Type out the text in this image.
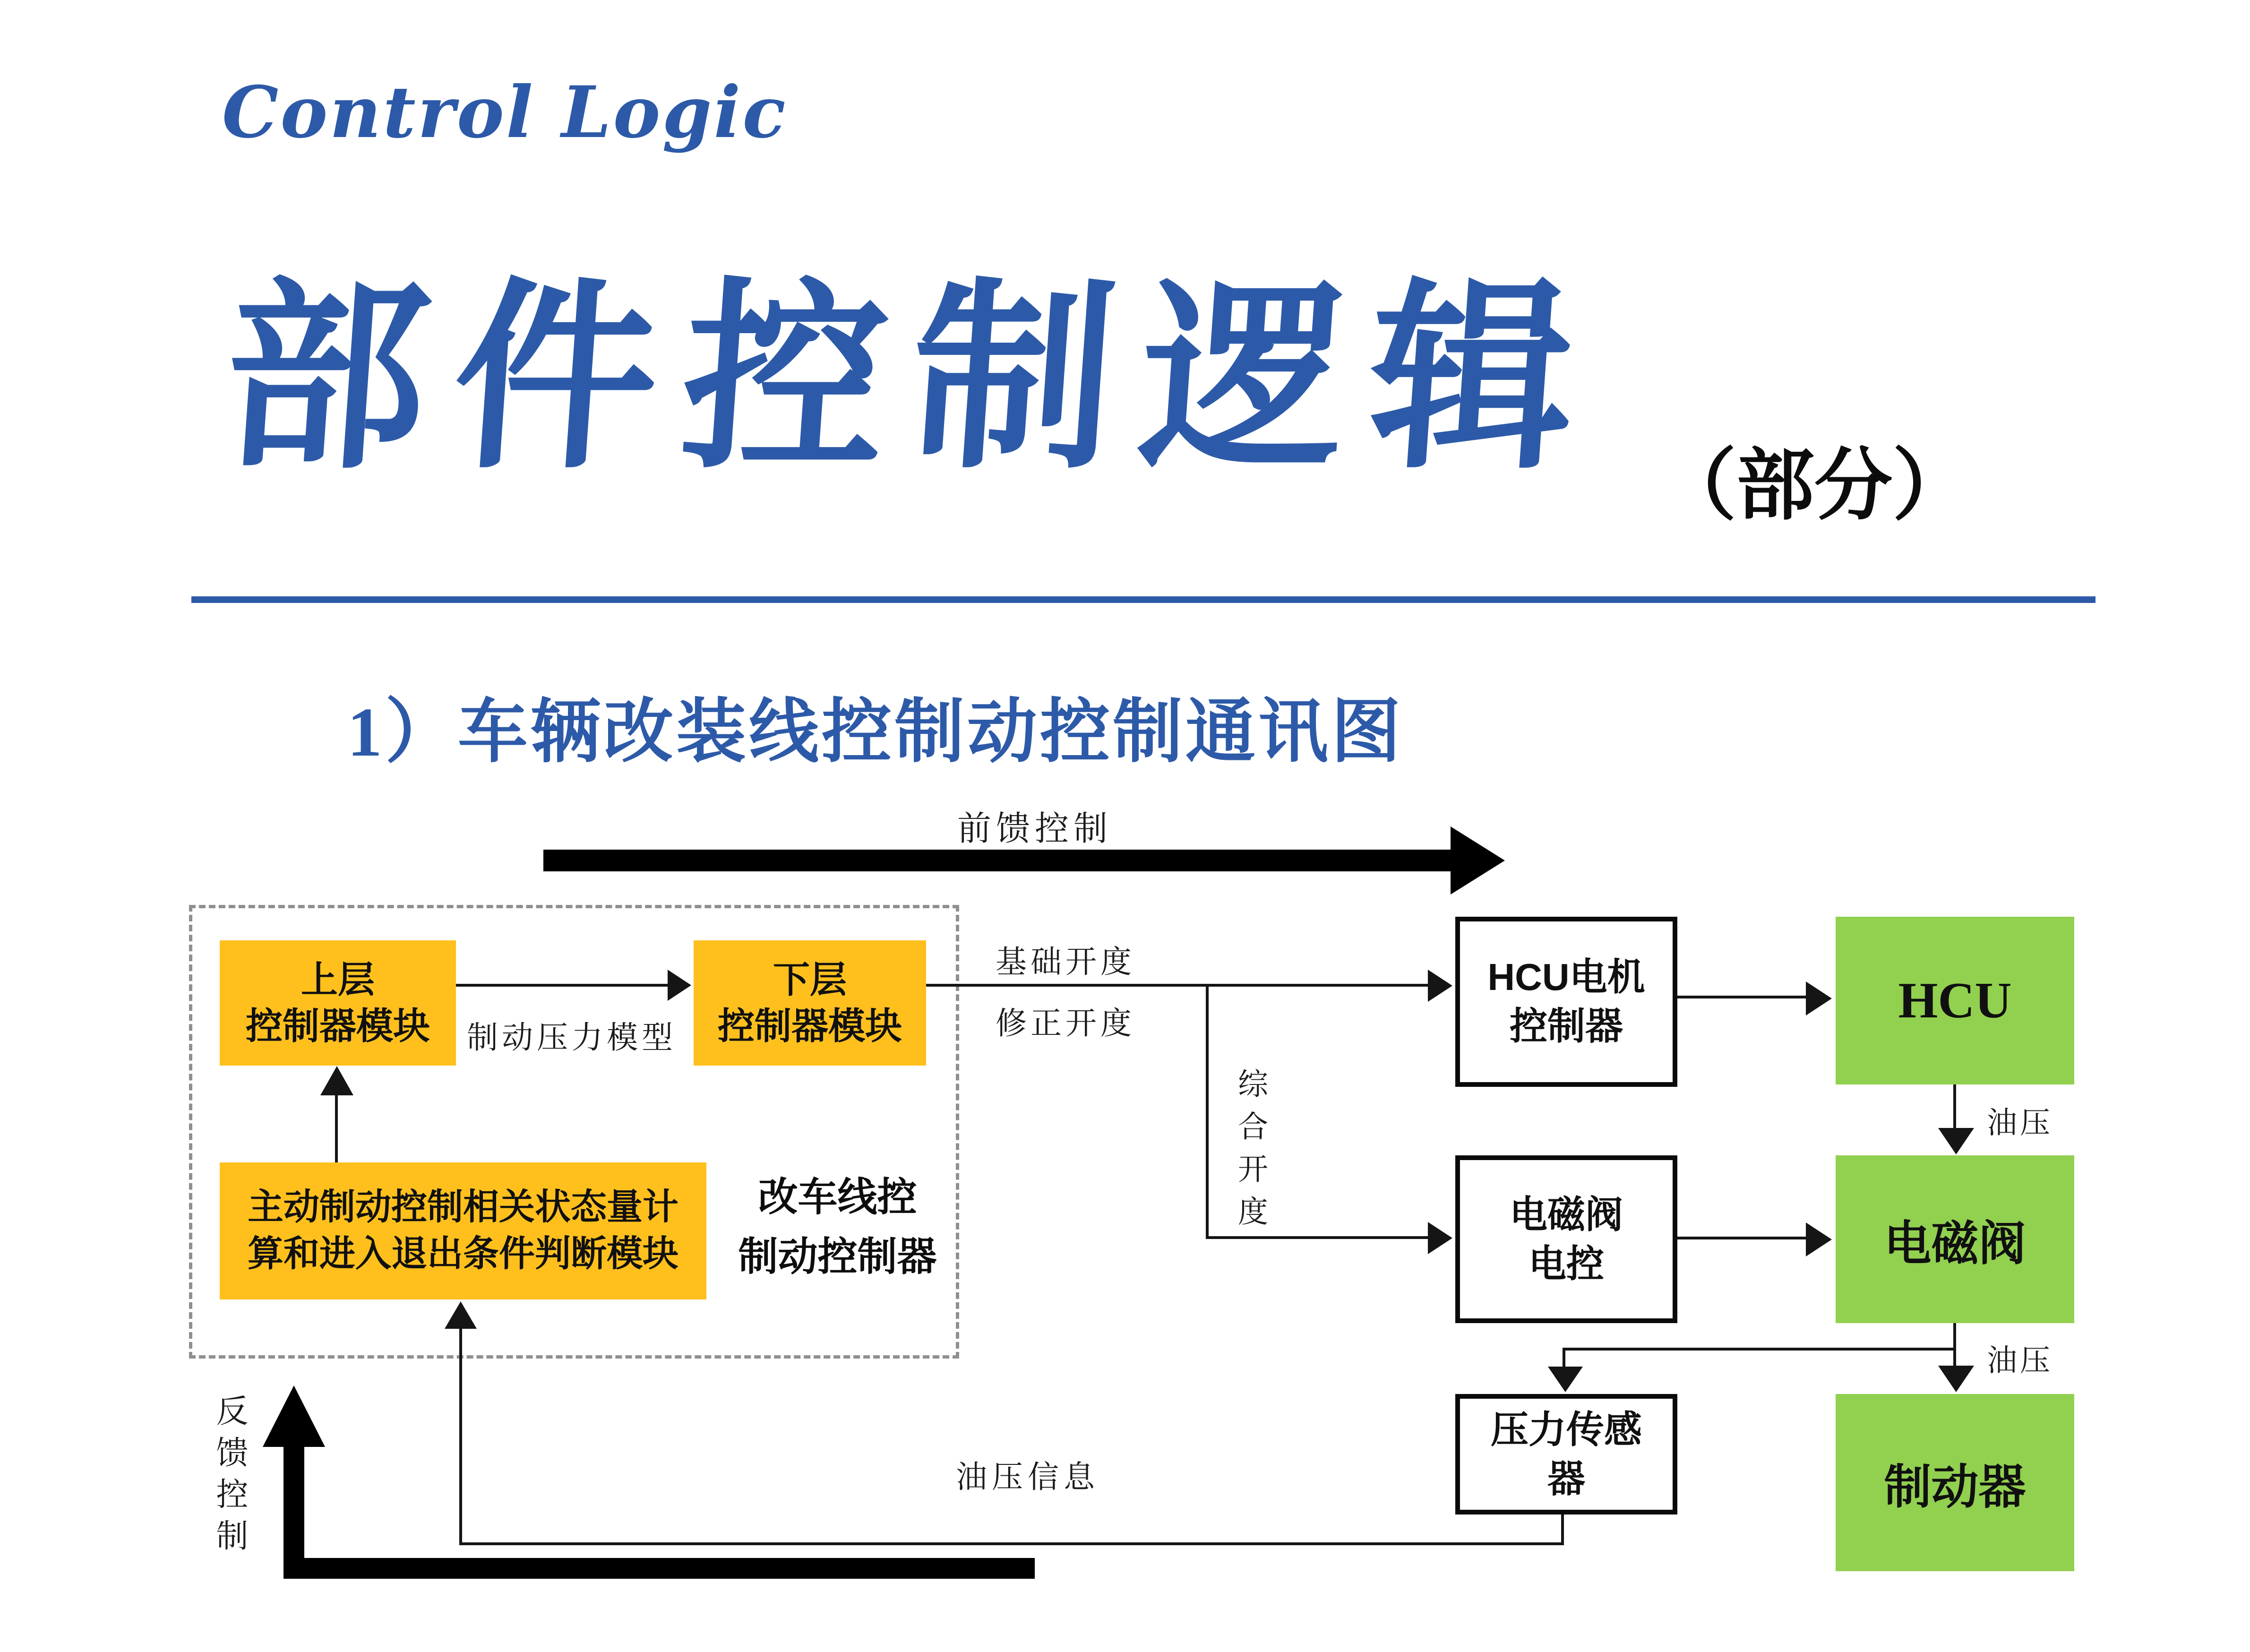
Control Logic
部件控制逻辑 （部分）
1）车辆改装线控制动控制通讯图
前馈控制
改车线控
制动控制器
上层
控制器模块
下层
控制器模块
主动制动控制相关状态量计
算和进入退出条件判断模块
制动压力模型
基础开度
修正开度
综合开度
HCU电机
控制器
电磁阀
电控
压力传感
器
HCU
电磁阀
制动器
油压
油压
油压信息
反馈控制
